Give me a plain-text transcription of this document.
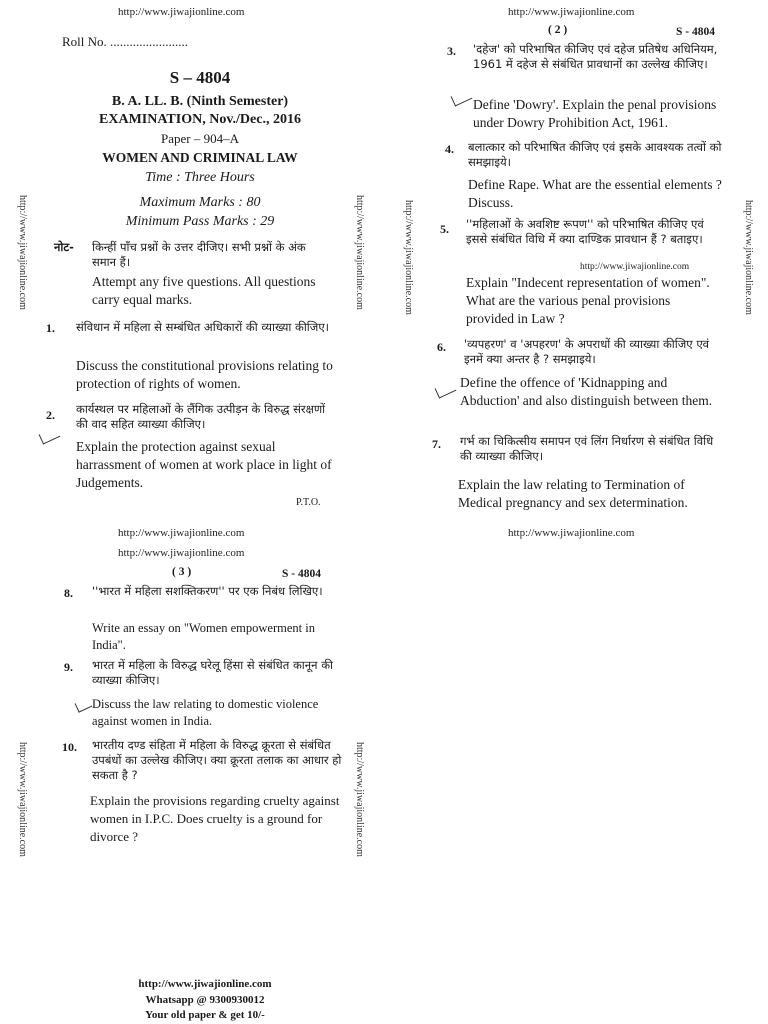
http://www.jiwajionline.com	http://www.jiwajionline.com
http://www.jiwajionline.com	http://www.jiwajionline.com	http://www.jiwajionline.com	http://www.jiwajionline.com
http://www.jiwajionline.com	http://www.jiwajionline.com
Roll No. ........................
S – 4804
B. A. LL. B. (Ninth Semester)
EXAMINATION, Nov./Dec., 2016
Paper – 904–A
WOMEN AND CRIMINAL LAW
Time : Three Hours
Maximum Marks : 80
Minimum Pass Marks : 29
नोट- किन्हीं पाँच प्रश्नों के उत्तर दीजिए। सभी प्रश्नों के अंक समान हैं।
Attempt any five questions. All questions carry equal marks.
1. संविधान में महिला से सम्बंधित अधिकारों की व्याख्या कीजिए।
Discuss the constitutional provisions relating to protection of rights of women.
2. कार्यस्थल पर महिलाओं के लैंगिक उत्पीड़न के विरुद्ध संरक्षणों की वाद सहित व्याख्या कीजिए।
Explain the protection against sexual harrassment of women at work place in light of Judgements.
P.T.O.
( 2 )	S - 4804
3. 'दहेज' को परिभाषित कीजिए एवं दहेज प्रतिषेध अधिनियम, 1961 में दहेज से संबंधित प्रावधानों का उल्लेख कीजिए।
Define 'Dowry'. Explain the penal provisions under Dowry Prohibition Act, 1961.
4. बलात्कार को परिभाषित कीजिए एवं इसके आवश्यक तत्वों को समझाइये।
Define Rape. What are the essential elements ? Discuss.
5. ''महिलाओं के अवशिष्ट रूपण'' को परिभाषित कीजिए एवं इससे संबंधित विधि में क्या दाण्डिक प्रावधान हैं ? बताइए।
http://www.jiwajionline.com
Explain "Indecent representation of women". What are the various penal provisions provided in Law ?
6. 'व्यपहरण' व 'अपहरण' के अपराधों की व्याख्या कीजिए एवं इनमें क्या अन्तर है ? समझाइये।
Define the offence of 'Kidnapping and Abduction' and also distinguish between them.
7. गर्भ का चिकित्सीय समापन एवं लिंग निर्धारण से संबंधित विधि की व्याख्या कीजिए।
Explain the law relating to Termination of Medical pregnancy and sex determination.
http://www.jiwajionline.com
http://www.jiwajionline.com
http://www.jiwajionline.com
( 3 )	S - 4804
8. ''भारत में महिला सशक्तिकरण'' पर एक निबंध लिखिए।
Write an essay on "Women empowerment in India".
9. भारत में महिला के विरुद्ध घरेलू हिंसा से संबंधित कानून की व्याख्या कीजिए।
Discuss the law relating to domestic violence against women in India.
10. भारतीय दण्ड संहिता में महिला के विरुद्ध क्रूरता से संबंधित उपबंधों का उल्लेख कीजिए। क्या क्रूरता तलाक का आधार हो सकता है ?
Explain the provisions regarding cruelty against women in I.P.C. Does cruelty is a ground for divorce ?
http://www.jiwajionline.com
Whatsapp @ 9300930012
Your old paper & get 10/-
